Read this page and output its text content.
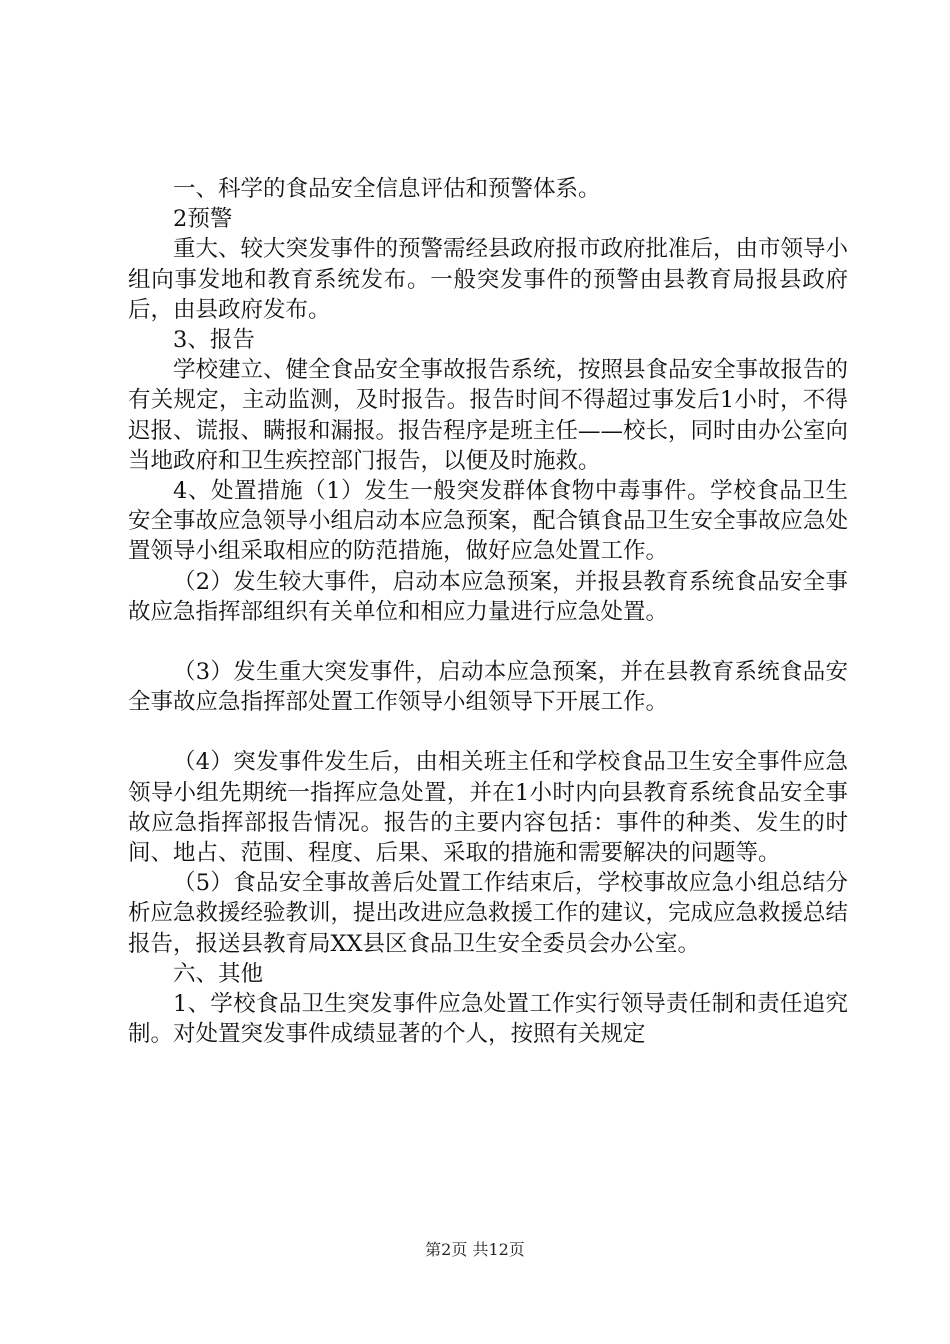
一、科学的食品安全信息评估和预警体系。

2预警

重大、较大突发事件的预警需经县政府报市政府批准后，由市领导小组向事发地和教育系统发布。一般突发事件的预警由县教育局报县政府后，由县政府发布。

3、报告

学校建立、健全食品安全事故报告系统，按照县食品安全事故报告的有关规定，主动监测，及时报告。报告时间不得超过事发后1小时，不得迟报、谎报、瞒报和漏报。报告程序是班主任——校长，同时由办公室向当地政府和卫生疾控部门报告，以便及时施救。

4、处置措施（1）发生一般突发群体食物中毒事件。学校食品卫生安全事故应急领导小组启动本应急预案，配合镇食品卫生安全事故应急处置领导小组采取相应的防范措施，做好应急处置工作。

（2）发生较大事件，启动本应急预案，并报县教育系统食品安全事故应急指挥部组织有关单位和相应力量进行应急处置。

（3）发生重大突发事件，启动本应急预案，并在县教育系统食品安全事故应急指挥部处置工作领导小组领导下开展工作。

（4）突发事件发生后，由相关班主任和学校食品卫生安全事件应急领导小组先期统一指挥应急处置，并在1小时内向县教育系统食品安全事故应急指挥部报告情况。报告的主要内容包括：事件的种类、发生的时间、地占、范围、程度、后果、采取的措施和需要解决的问题等。

（5）食品安全事故善后处置工作结束后，学校事故应急小组总结分析应急救援经验教训，提出改进应急救援工作的建议，完成应急救援总结报告，报送县教育局XX县区食品卫生安全委员会办公室。

六、其他

1、学校食品卫生突发事件应急处置工作实行领导责任制和责任追究制。对处置突发事件成绩显著的个人，按照有关规定

第2页 共12页
